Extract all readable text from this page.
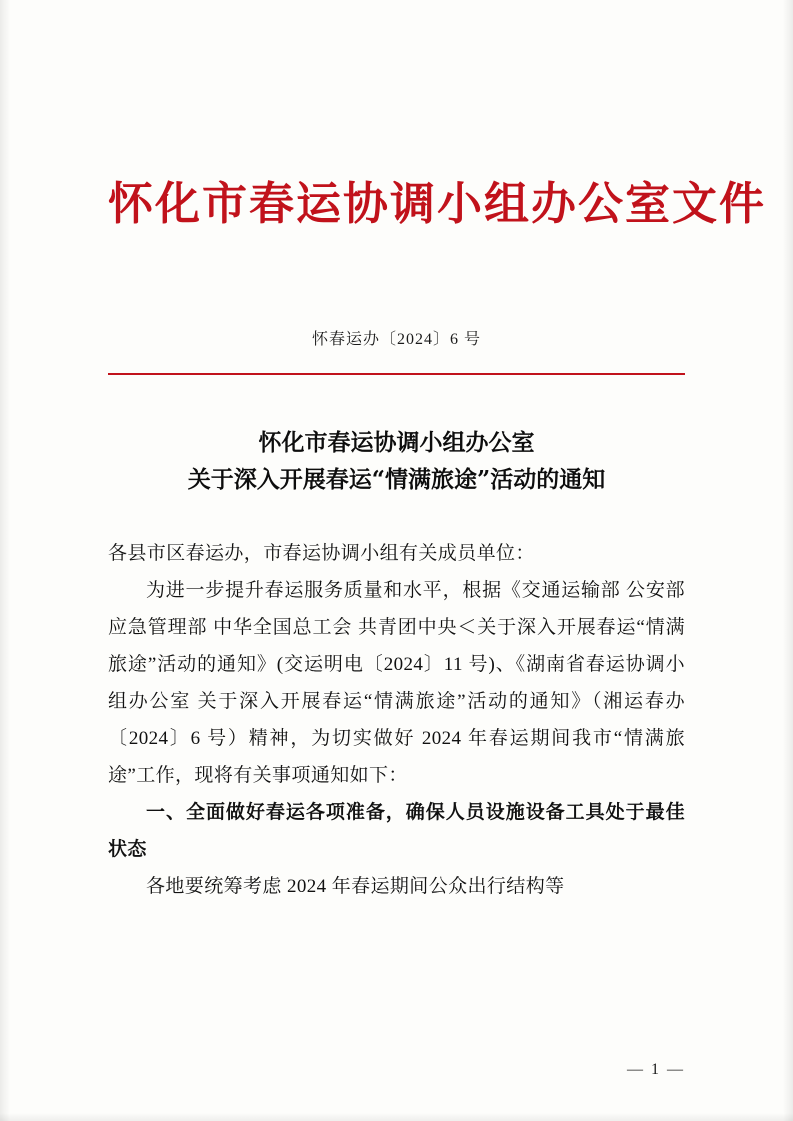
怀化市春运协调小组办公室文件
怀春运办〔2024〕6 号
怀化市春运协调小组办公室
关于深入开展春运“情满旅途”活动的通知

各县市区春运办，市春运协调小组有关成员单位：

为进一步提升春运服务质量和水平，根据《交通运输部 公安部 应急管理部 中华全国总工会 共青团中央＜关于深入开展春运“情满旅途”活动的通知》(交运明电〔2024〕11 号)、《湖南省春运协调小组办公室 关于深入开展春运“情满旅途”活动的通知》（湘运春办〔2024〕6 号）精神，为切实做好 2024 年春运期间我市“情满旅途”工作，现将有关事项通知如下：

一、全面做好春运各项准备，确保人员设施设备工具处于最佳状态

各地要统筹考虑 2024 年春运期间公众出行结构等

— 1 —
